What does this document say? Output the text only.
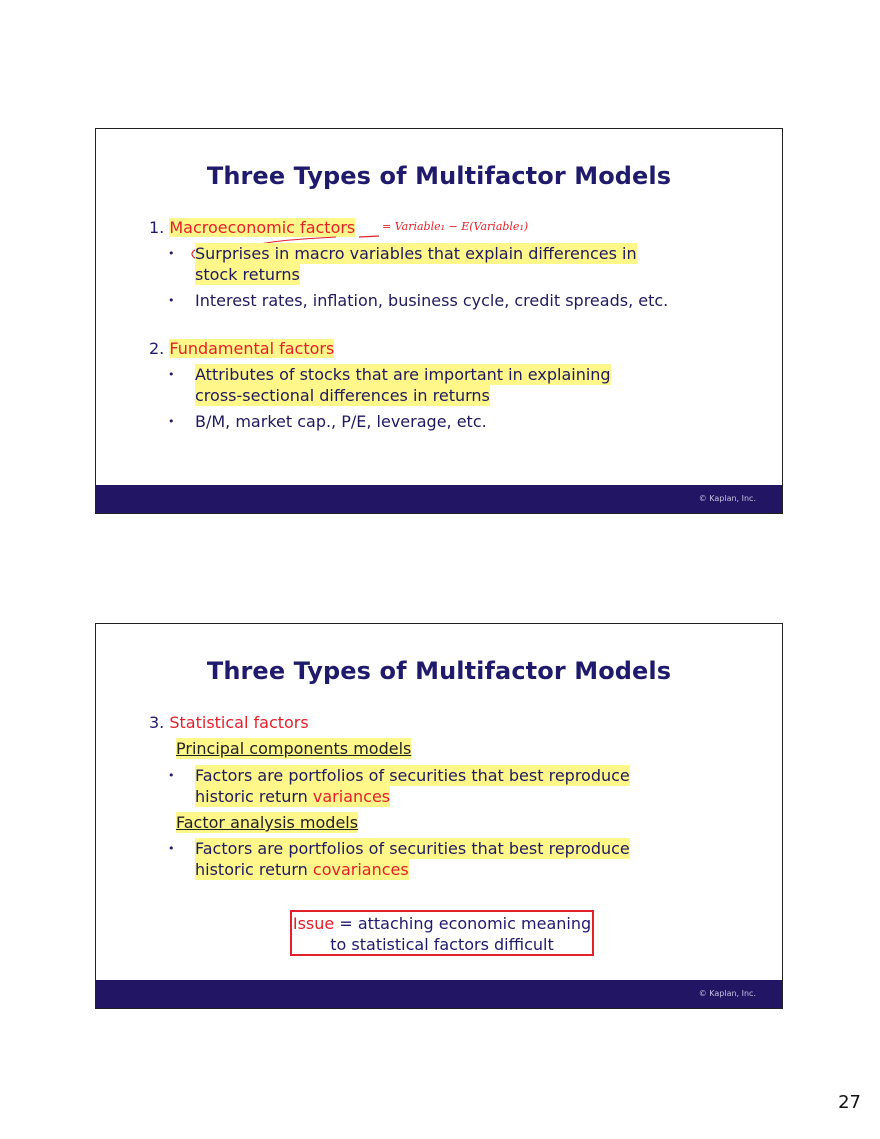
Three Types of Multifactor Models
1. Macroeconomic factors = Variable₁ − E(Variable₁)
• Surprises in macro variables that explain differences in
stock returns
• Interest rates, inflation, business cycle, credit spreads, etc.
2. Fundamental factors
• Attributes of stocks that are important in explaining
cross-sectional differences in returns
• B/M, market cap., P/E, leverage, etc.
© Kaplan, Inc.
Three Types of Multifactor Models
3. Statistical factors
Principal components models
• Factors are portfolios of securities that best reproduce
historic return variances
Factor analysis models
• Factors are portfolios of securities that best reproduce
historic return covariances
Issue = attaching economic meaning
to statistical factors difficult
© Kaplan, Inc.
27
